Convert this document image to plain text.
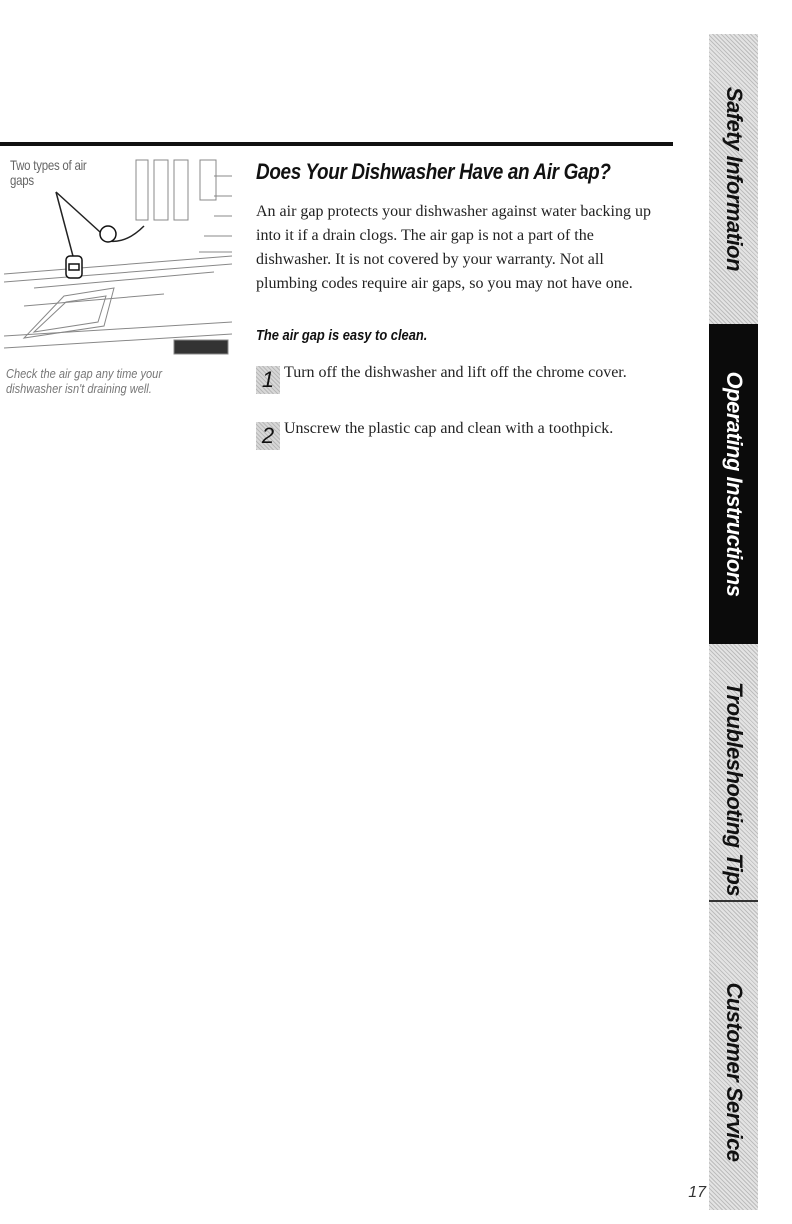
Two types of air gaps
Check the air gap any time your dishwasher isn't draining well.
Does Your Dishwasher Have an Air Gap?
An air gap protects your dishwasher against water backing up into it if a drain clogs. The air gap is not a part of the dishwasher. It is not covered by your warranty. Not all plumbing codes require air gaps, so you may not have one.
The air gap is easy to clean.
1 Turn off the dishwasher and lift off the chrome cover.
2 Unscrew the plastic cap and clean with a toothpick.
Safety Information
Operating Instructions
Troubleshooting Tips
Customer Service
17
